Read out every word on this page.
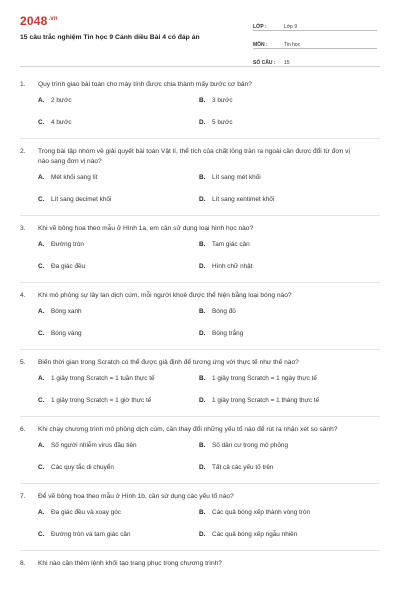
$2048^{.vn}$
15 câu trắc nghiệm Tin học 9 Cánh diều Bài 4 có đáp án
LỚP :	Lớp 9
MÔN :	Tin học
SỐ CÂU :	15
1.	Quy trình giao bài toán cho máy tính được chia thành mấy bước cơ bản?
A.	2 bước	B.	3 bước
C.	4 bước	D.	5 bước
2.	Trong bài tập nhóm về giải quyết bài toán Vật lí, thể tích của chất lỏng tràn ra ngoài cần được đổi từ đơn vị nào sang đơn vị nào?
A.	Mét khối sang lít	B.	Lít sang mét khối
C.	Lít sang decimet khối	D.	Lít sang xentimet khối
3.	Khi vẽ bông hoa theo mẫu ở Hình 1a, em cần sử dụng loại hình học nào?
A.	Đường tròn	B.	Tam giác cân
C.	Đa giác đều	D.	Hình chữ nhật
4.	Khi mô phỏng sự lây lan dịch cúm, mỗi người khoẻ được thể hiện bằng loại bóng nào?
A.	Bóng xanh	B.	Bóng đỏ
C.	Bóng vàng	D.	Bóng trắng
5.	Biến thời gian trong Scratch có thể được giả định để tương ứng với thực tế như thế nào?
A.	1 giây trong Scratch = 1 tuần thực tế	B.	1 giây trong Scratch = 1 ngày thực tế
C.	1 giây trong Scratch = 1 giờ thực tế	D.	1 giây trong Scratch = 1 tháng thực tế
6.	Khi chạy chương trình mô phỏng dịch cúm, cần thay đổi những yếu tố nào để rút ra nhận xét so sánh?
A.	Số người nhiễm virus đầu tiên	B.	Số dân cư trong mô phỏng
C.	Các quy tắc di chuyển	D.	Tất cả các yếu tố trên
7.	Để vẽ bông hoa theo mẫu ở Hình 1b, cần sử dụng các yếu tố nào?
A.	Đa giác đều và xoay góc	B.	Các quả bóng xếp thành vòng tròn
C.	Đường tròn và tam giác cân	D.	Các quả bóng xếp ngẫu nhiên
8.	Khi nào cần thêm lệnh khối tạo trang phục trong chương trình?
